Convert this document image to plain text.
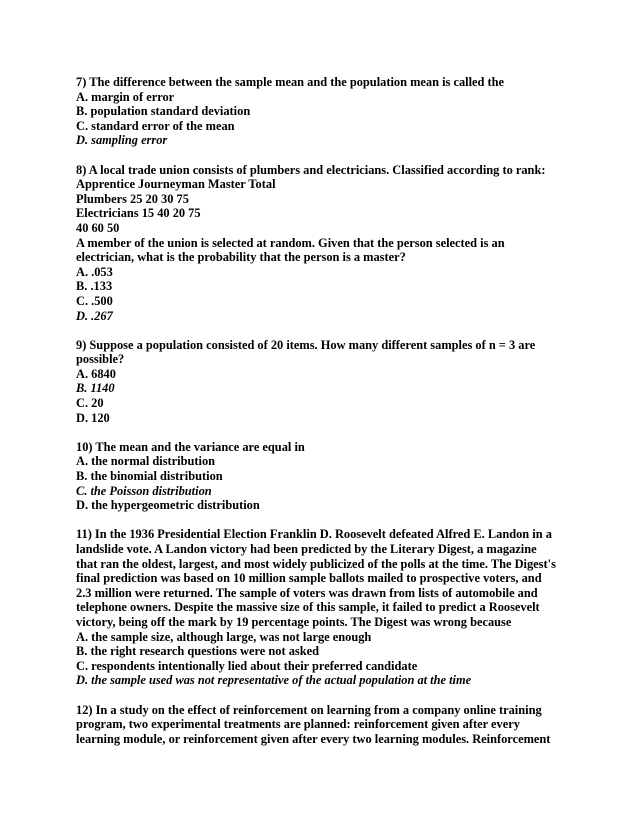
7) The difference between the sample mean and the population mean is called the
A. margin of error
B. population standard deviation
C. standard error of the mean
D. sampling error
8) A local trade union consists of plumbers and electricians. Classified according to rank:
Apprentice Journeyman Master Total
Plumbers 25 20 30 75
Electricians 15 40 20 75
40 60 50
A member of the union is selected at random. Given that the person selected is an
electrician, what is the probability that the person is a master?
A. .053
B. .133
C. .500
D. .267
9) Suppose a population consisted of 20 items. How many different samples of n = 3 are
possible?
A. 6840
B. 1140
C. 20
D. 120
10) The mean and the variance are equal in
A. the normal distribution
B. the binomial distribution
C. the Poisson distribution
D. the hypergeometric distribution
11) In the 1936 Presidential Election Franklin D. Roosevelt defeated Alfred E. Landon in a
landslide vote. A Landon victory had been predicted by the Literary Digest, a magazine
that ran the oldest, largest, and most widely publicized of the polls at the time. The Digest's
final prediction was based on 10 million sample ballots mailed to prospective voters, and
2.3 million were returned. The sample of voters was drawn from lists of automobile and
telephone owners. Despite the massive size of this sample, it failed to predict a Roosevelt
victory, being off the mark by 19 percentage points. The Digest was wrong because
A. the sample size, although large, was not large enough
B. the right research questions were not asked
C. respondents intentionally lied about their preferred candidate
D. the sample used was not representative of the actual population at the time
12) In a study on the effect of reinforcement on learning from a company online training
program, two experimental treatments are planned: reinforcement given after every
learning module, or reinforcement given after every two learning modules. Reinforcement
